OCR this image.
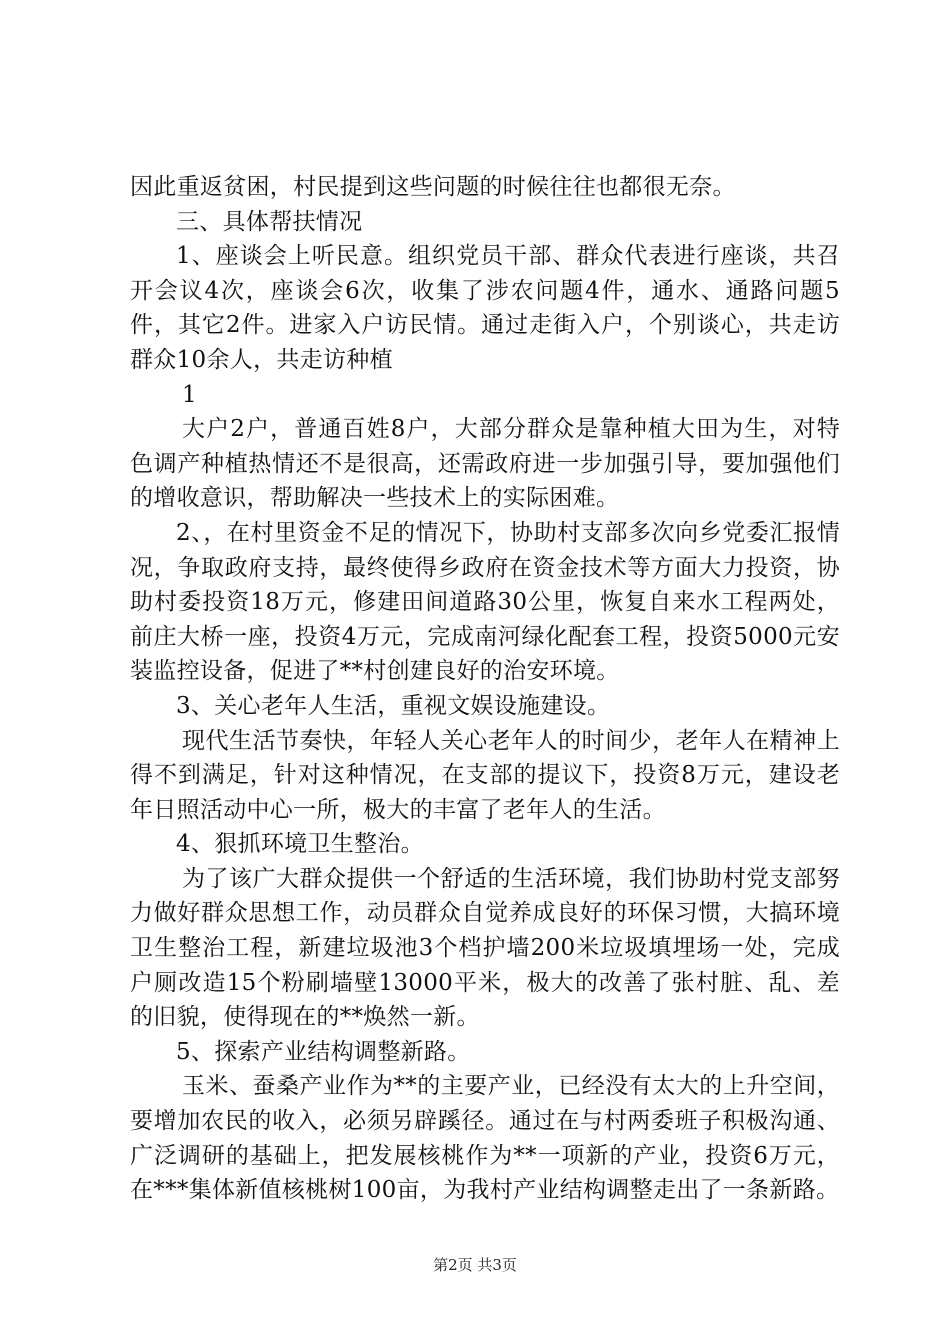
因此重返贫困，村民提到这些问题的时候往往也都很无奈。

三、具体帮扶情况

1、座谈会上听民意。组织党员干部、群众代表进行座谈，共召开会议4次，座谈会6次，收集了涉农问题4件，通水、通路问题5件，其它2件。进家入户访民情。通过走街入户，个别谈心，共走访群众10余人，共走访种植

1

大户2户，普通百姓8户，大部分群众是靠种植大田为生，对特色调产种植热情还不是很高，还需政府进一步加强引导，要加强他们的增收意识，帮助解决一些技术上的实际困难。

2、，在村里资金不足的情况下，协助村支部多次向乡党委汇报情况，争取政府支持，最终使得乡政府在资金技术等方面大力投资，协助村委投资18万元，修建田间道路30公里，恢复自来水工程两处，前庄大桥一座，投资4万元，完成南河绿化配套工程，投资5000元安装监控设备，促进了**村创建良好的治安环境。

3、关心老年人生活，重视文娱设施建设。

现代生活节奏快，年轻人关心老年人的时间少，老年人在精神上得不到满足，针对这种情况，在支部的提议下，投资8万元，建设老年日照活动中心一所，极大的丰富了老年人的生活。

4、狠抓环境卫生整治。

为了该广大群众提供一个舒适的生活环境，我们协助村党支部努力做好群众思想工作，动员群众自觉养成良好的环保习惯，大搞环境卫生整治工程，新建垃圾池3个档护墙200米垃圾填埋场一处，完成户厕改造15个粉刷墙壁13000平米，极大的改善了张村脏、乱、差的旧貌，使得现在的**焕然一新。

5、探索产业结构调整新路。

玉米、蚕桑产业作为**的主要产业，已经没有太大的上升空间，要增加农民的收入，必须另辟蹊径。通过在与村两委班子积极沟通、广泛调研的基础上，把发展核桃作为**一项新的产业，投资6万元，在***集体新值核桃树100亩，为我村产业结构调整走出了一条新路。

第2页 共3页
